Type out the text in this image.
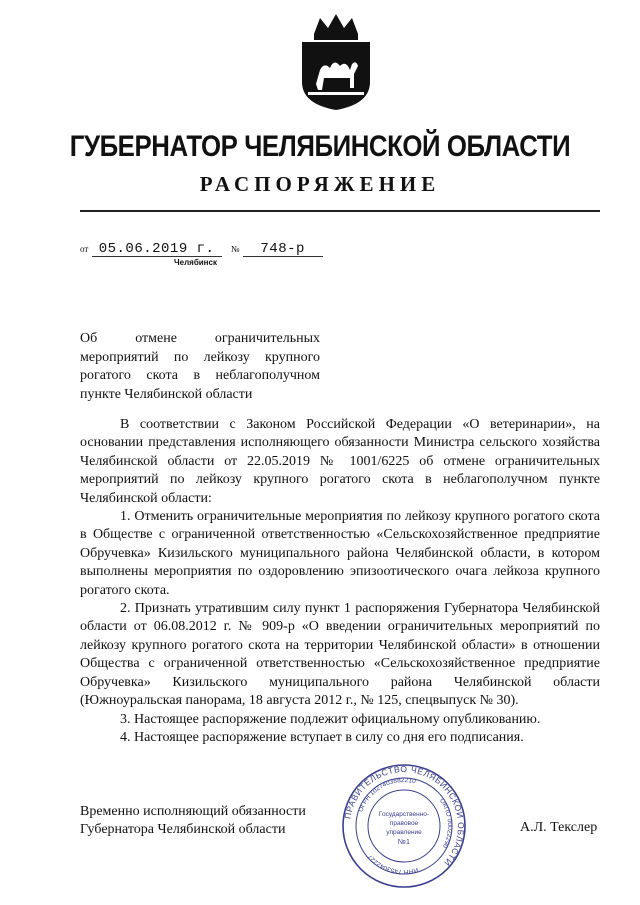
ГУБЕРНАТОР ЧЕЛЯБИНСКОЙ ОБЛАСТИ
РАСПОРЯЖЕНИЕ
от 05.06.2019 г. № 748-р
Челябинск
Об отмене ограничительных мероприятий по лейкозу крупного рогатого скота в неблагополучном пункте Челябинской области

В соответствии с Законом Российской Федерации «О ветеринарии», на основании представления исполняющего обязанности Министра сельского хозяйства Челябинской области от 22.05.2019 № 1001/6225 об отмене ограничительных мероприятий по лейкозу крупного рогатого скота в неблагополучном пункте Челябинской области:

1. Отменить ограничительные мероприятия по лейкозу крупного рогатого скота в Обществе с ограниченной ответственностью «Сельскохозяйственное предприятие Обручевка» Кизильского муниципального района Челябинской области, в котором выполнены мероприятия по оздоровлению эпизоотического очага лейкоза крупного рогатого скота.

2. Признать утратившим силу пункт 1 распоряжения Губернатора Челябинской области от 06.08.2012 г. № 909-р «О введении ограничительных мероприятий по лейкозу крупного рогатого скота на территории Челябинской области» в отношении Общества с ограниченной ответственностью «Сельскохозяйственное предприятие Обручевка» Кизильского муниципального района Челябинской области (Южноуральская панорама, 18 августа 2012 г., № 125, спецвыпуск № 30).

3. Настоящее распоряжение подлежит официальному опубликованию.

4. Настоящее распоряжение вступает в силу со дня его подписания.

Временно исполняющий обязанности
Губернатора Челябинской области
ПРАВИТЕЛЬСТВО ЧЕЛЯБИНСКОЙ ОБЛАСТИ
ОГРН 1027403882210
ОКПО 00022290
ИНН 7453042227
Государственно-
правовое
управление
№1
А.Л. Текслер
